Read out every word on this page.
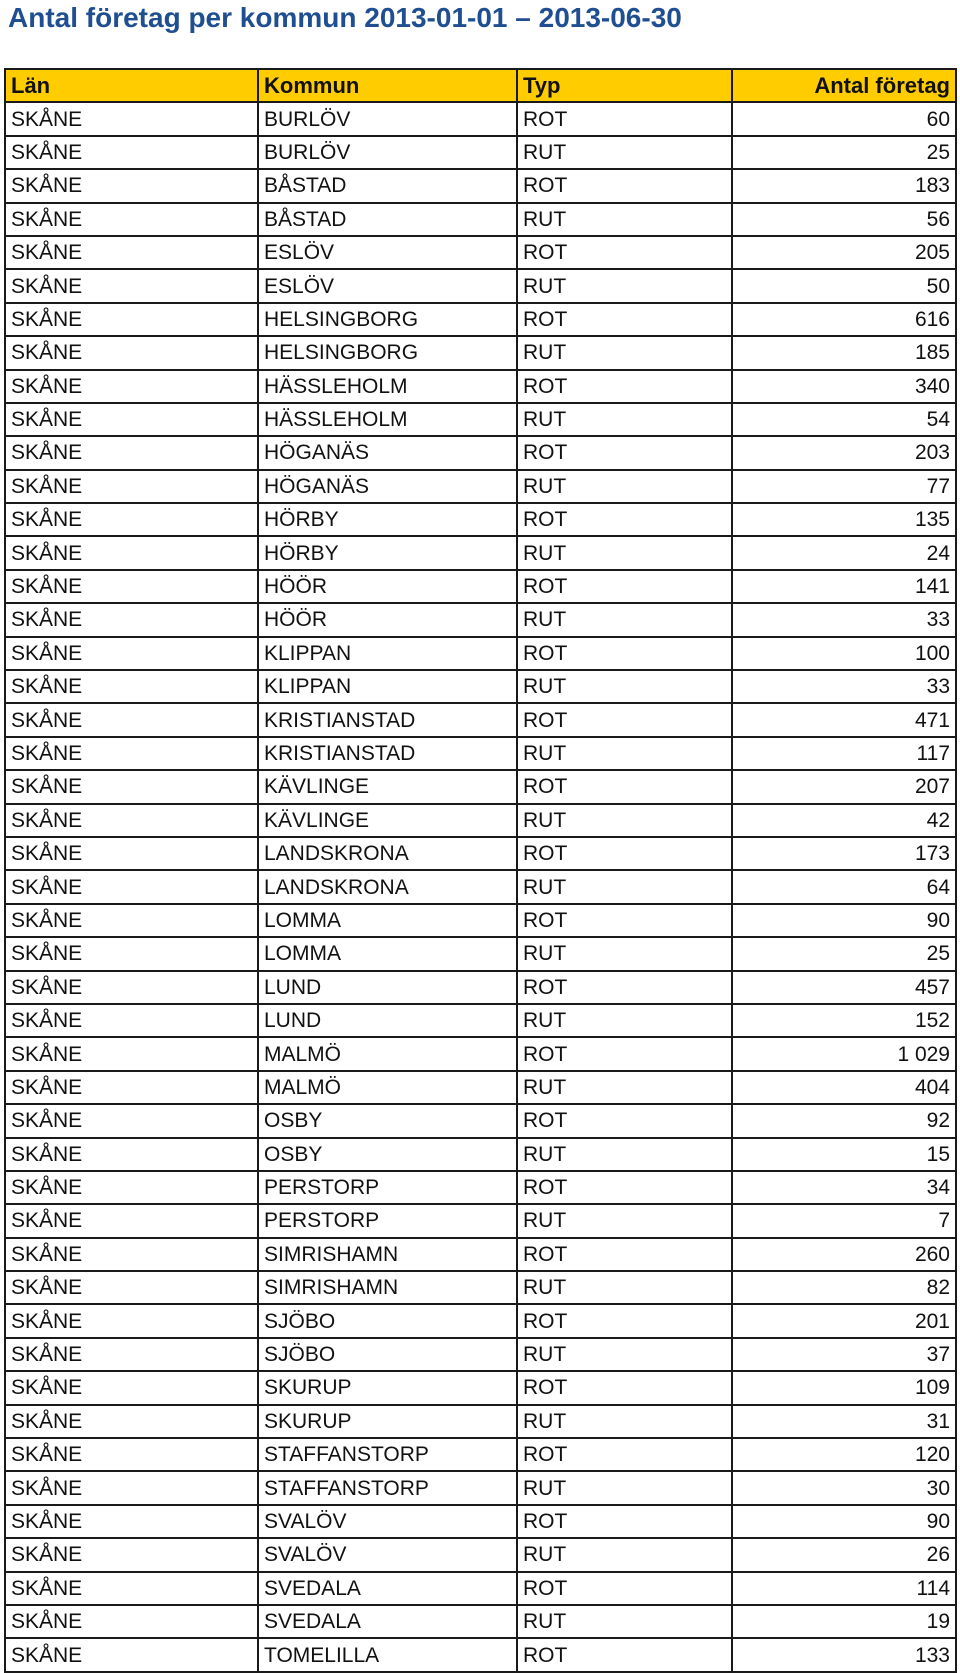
Antal företag per kommun 2013-01-01 – 2013-06-30
Län	Kommun	Typ	Antal företag
SKÅNE	BURLÖV	ROT	60
SKÅNE	BURLÖV	RUT	25
SKÅNE	BÅSTAD	ROT	183
SKÅNE	BÅSTAD	RUT	56
SKÅNE	ESLÖV	ROT	205
SKÅNE	ESLÖV	RUT	50
SKÅNE	HELSINGBORG	ROT	616
SKÅNE	HELSINGBORG	RUT	185
SKÅNE	HÄSSLEHOLM	ROT	340
SKÅNE	HÄSSLEHOLM	RUT	54
SKÅNE	HÖGANÄS	ROT	203
SKÅNE	HÖGANÄS	RUT	77
SKÅNE	HÖRBY	ROT	135
SKÅNE	HÖRBY	RUT	24
SKÅNE	HÖÖR	ROT	141
SKÅNE	HÖÖR	RUT	33
SKÅNE	KLIPPAN	ROT	100
SKÅNE	KLIPPAN	RUT	33
SKÅNE	KRISTIANSTAD	ROT	471
SKÅNE	KRISTIANSTAD	RUT	117
SKÅNE	KÄVLINGE	ROT	207
SKÅNE	KÄVLINGE	RUT	42
SKÅNE	LANDSKRONA	ROT	173
SKÅNE	LANDSKRONA	RUT	64
SKÅNE	LOMMA	ROT	90
SKÅNE	LOMMA	RUT	25
SKÅNE	LUND	ROT	457
SKÅNE	LUND	RUT	152
SKÅNE	MALMÖ	ROT	1 029
SKÅNE	MALMÖ	RUT	404
SKÅNE	OSBY	ROT	92
SKÅNE	OSBY	RUT	15
SKÅNE	PERSTORP	ROT	34
SKÅNE	PERSTORP	RUT	7
SKÅNE	SIMRISHAMN	ROT	260
SKÅNE	SIMRISHAMN	RUT	82
SKÅNE	SJÖBO	ROT	201
SKÅNE	SJÖBO	RUT	37
SKÅNE	SKURUP	ROT	109
SKÅNE	SKURUP	RUT	31
SKÅNE	STAFFANSTORP	ROT	120
SKÅNE	STAFFANSTORP	RUT	30
SKÅNE	SVALÖV	ROT	90
SKÅNE	SVALÖV	RUT	26
SKÅNE	SVEDALA	ROT	114
SKÅNE	SVEDALA	RUT	19
SKÅNE	TOMELILLA	ROT	133
